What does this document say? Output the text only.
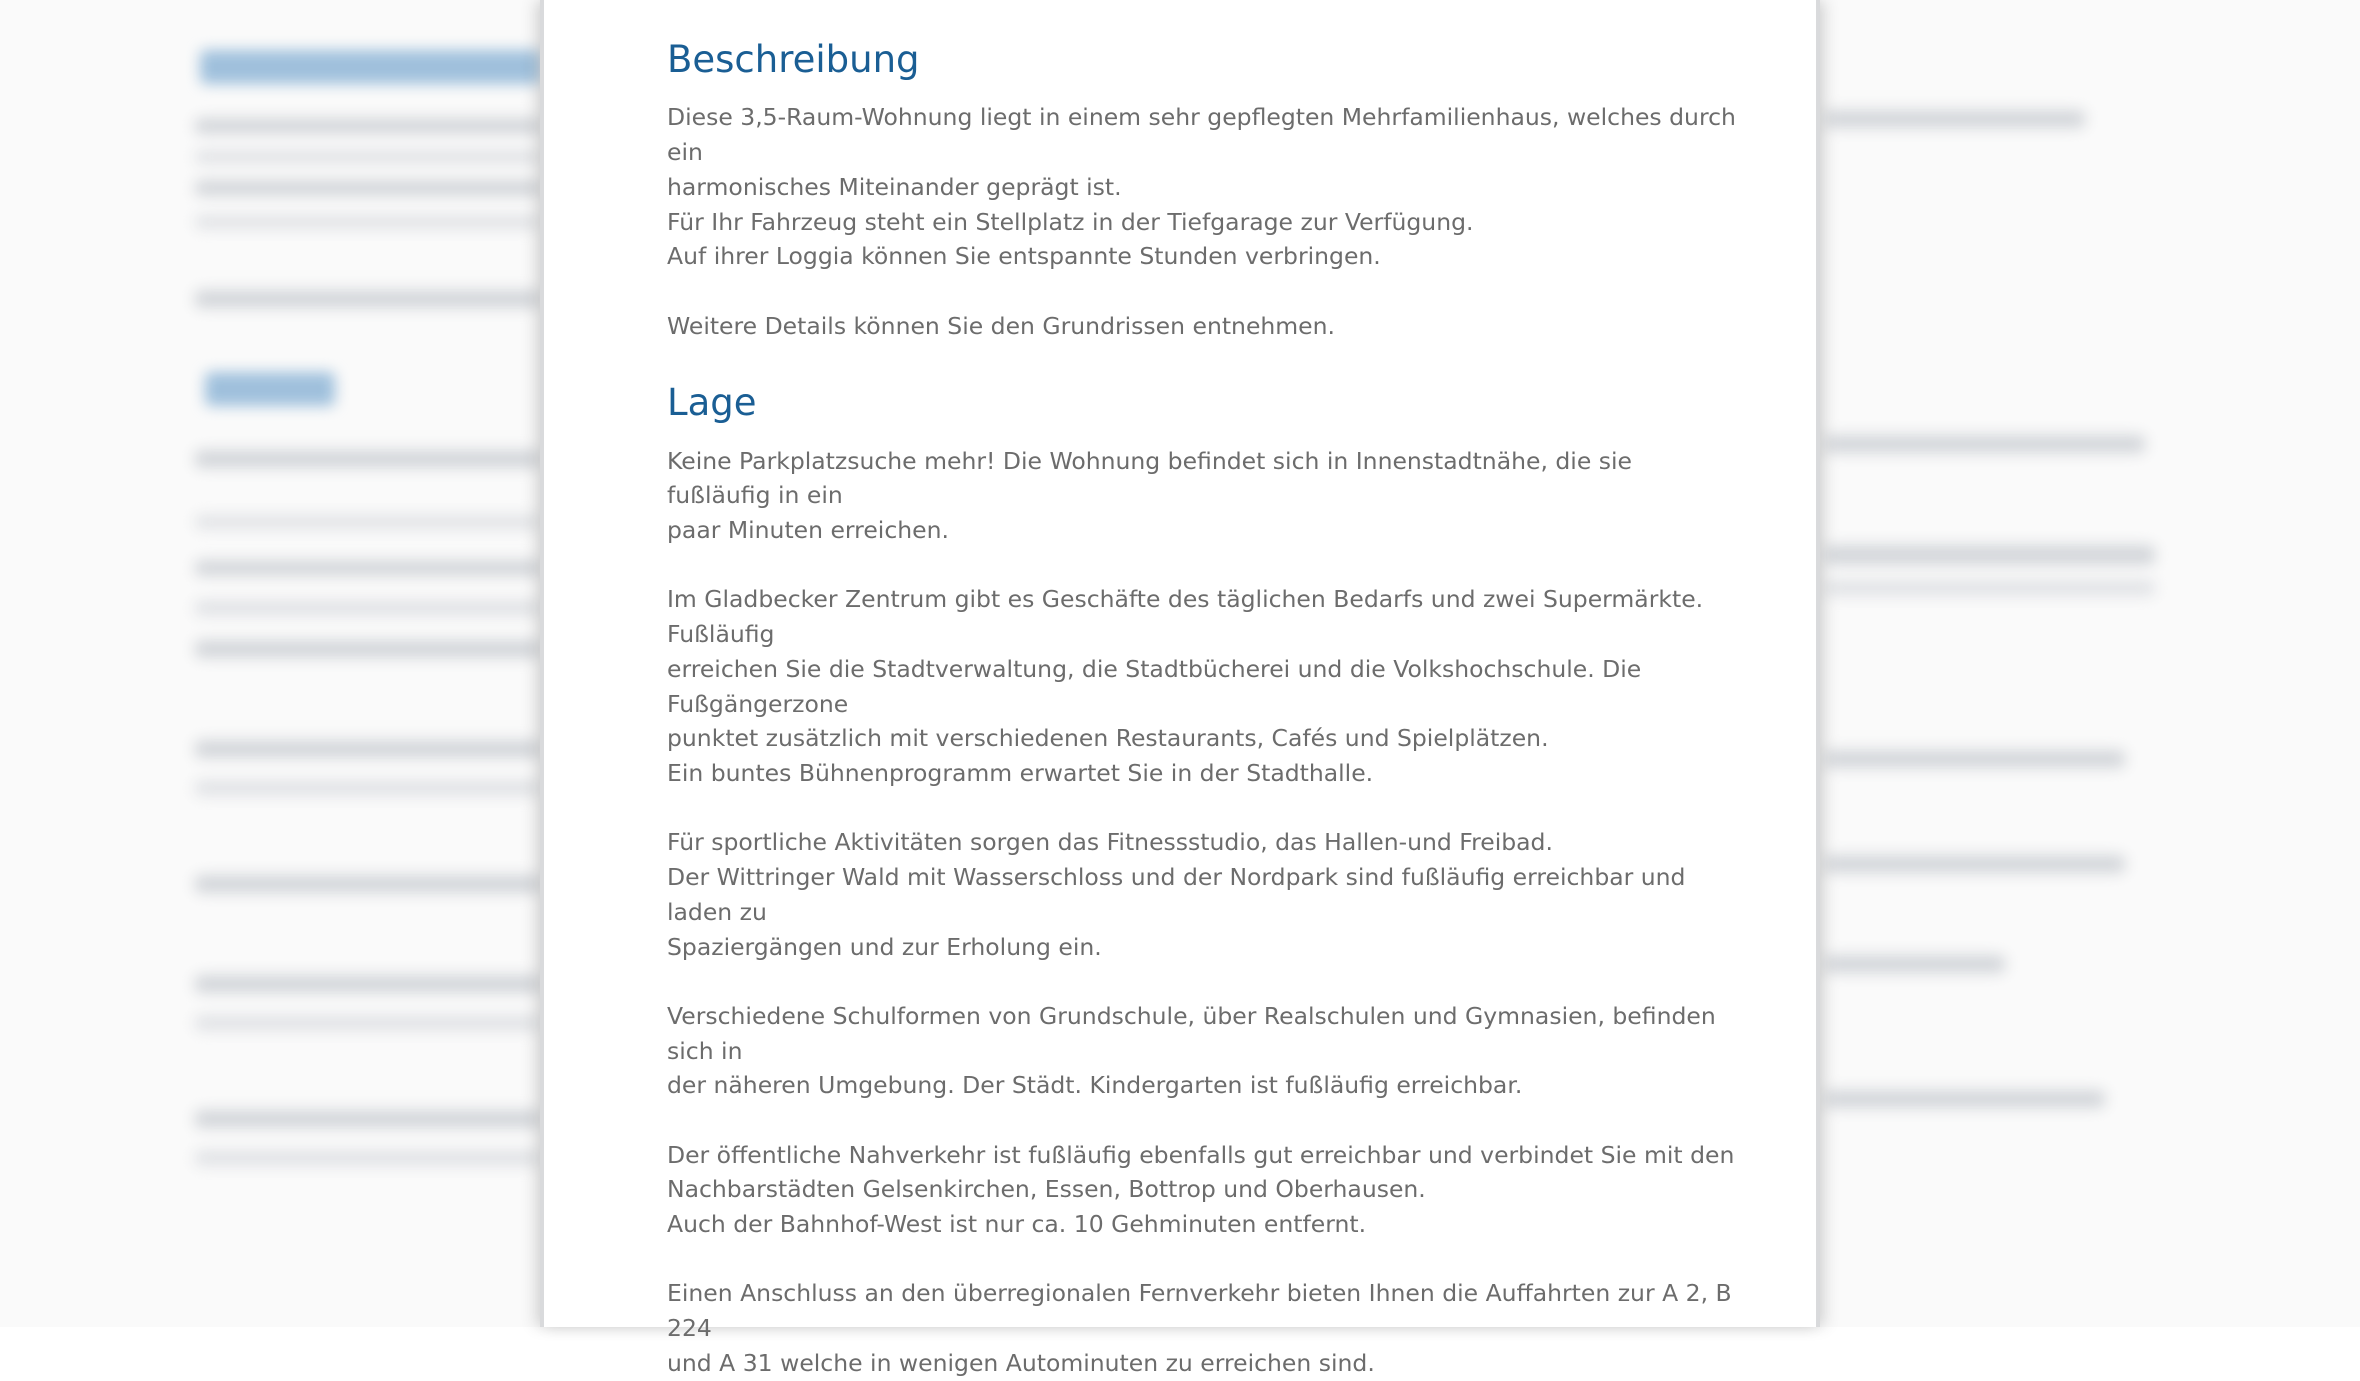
Beschreibung

Diese 3,5-Raum-Wohnung liegt in einem sehr gepflegten Mehrfamilienhaus, welches durch ein
harmonisches Miteinander geprägt ist.
Für Ihr Fahrzeug steht ein Stellplatz in der Tiefgarage zur Verfügung.
Auf ihrer Loggia können Sie entspannte Stunden verbringen.

Weitere Details können Sie den Grundrissen entnehmen.

Lage

Keine Parkplatzsuche mehr! Die Wohnung befindet sich in Innenstadtnähe, die sie fußläufig in ein
paar Minuten erreichen.

Im Gladbecker Zentrum gibt es Geschäfte des täglichen Bedarfs und zwei Supermärkte. Fußläufig
erreichen Sie die Stadtverwaltung, die Stadtbücherei und die Volkshochschule. Die Fußgängerzone
punktet zusätzlich mit verschiedenen Restaurants, Cafés und Spielplätzen.
Ein buntes Bühnenprogramm erwartet Sie in der Stadthalle.

Für sportliche Aktivitäten sorgen das Fitnessstudio, das Hallen-und Freibad.
Der Wittringer Wald mit Wasserschloss und der Nordpark sind fußläufig erreichbar und laden zu
Spaziergängen und zur Erholung ein.

Verschiedene Schulformen von Grundschule, über Realschulen und Gymnasien, befinden sich in
der näheren Umgebung. Der Städt. Kindergarten ist fußläufig erreichbar.

Der öffentliche Nahverkehr ist fußläufig ebenfalls gut erreichbar und verbindet Sie mit den
Nachbarstädten Gelsenkirchen, Essen, Bottrop und Oberhausen.
Auch der Bahnhof-West ist nur ca. 10 Gehminuten entfernt.

Einen Anschluss an den überregionalen Fernverkehr bieten Ihnen die Auffahrten zur A 2, B 224
und A 31 welche in wenigen Autominuten zu erreichen sind.
